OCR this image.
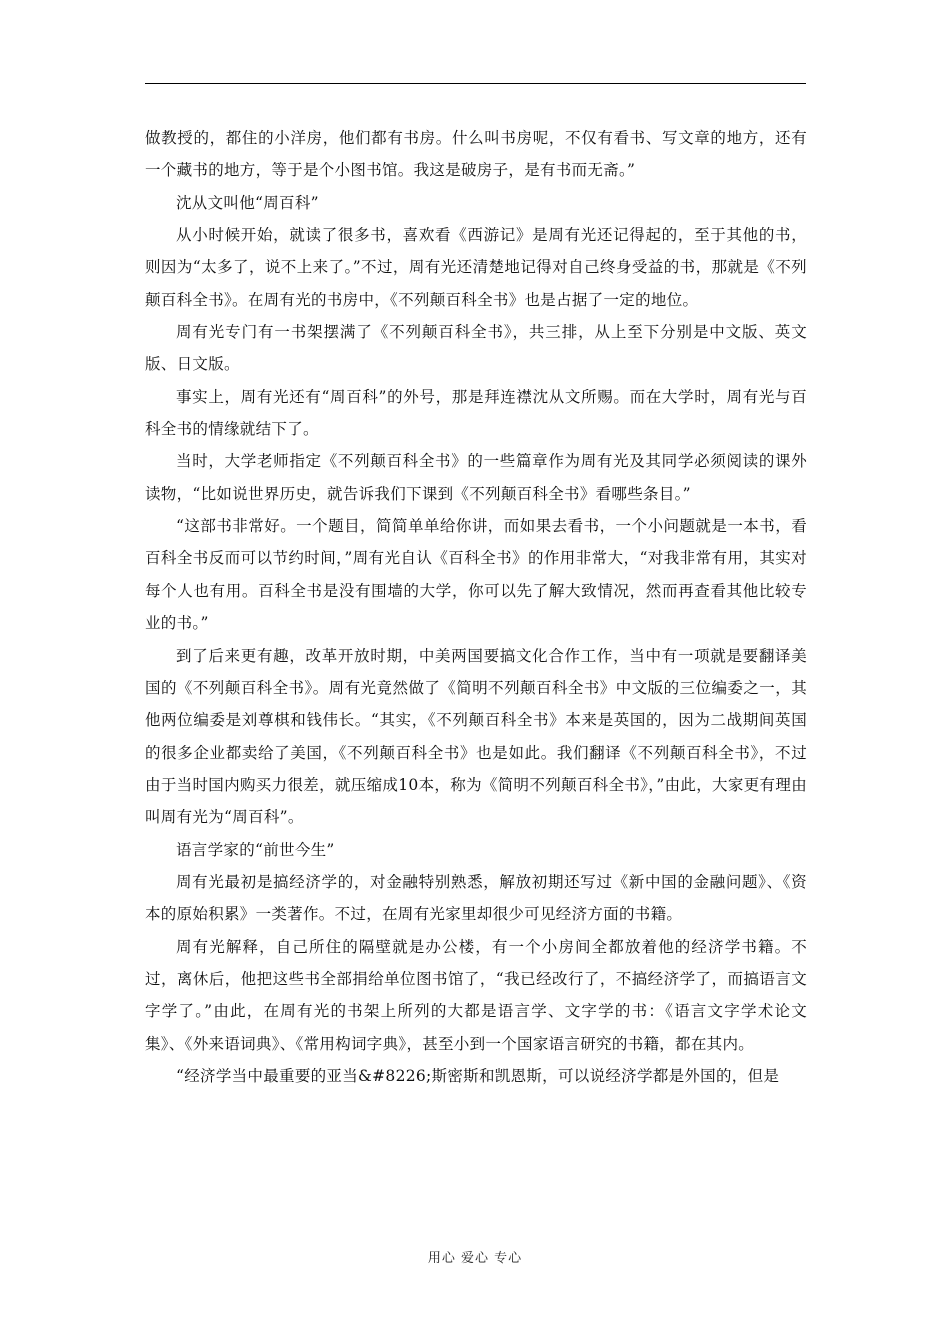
做教授的，都住的小洋房，他们都有书房。什么叫书房呢，不仅有看书、写文章的地方，还有一个藏书的地方，等于是个小图书馆。我这是破房子，是有书而无斋。”

沈从文叫他“周百科”

从小时候开始，就读了很多书，喜欢看《西游记》是周有光还记得起的，至于其他的书，则因为“太多了，说不上来了。”不过，周有光还清楚地记得对自己终身受益的书，那就是《不列颠百科全书》。在周有光的书房中，《不列颠百科全书》也是占据了一定的地位。

周有光专门有一书架摆满了《不列颠百科全书》，共三排，从上至下分别是中文版、英文版、日文版。

事实上，周有光还有“周百科”的外号，那是拜连襟沈从文所赐。而在大学时，周有光与百科全书的情缘就结下了。

当时，大学老师指定《不列颠百科全书》的一些篇章作为周有光及其同学必须阅读的课外读物，“比如说世界历史，就告诉我们下课到《不列颠百科全书》看哪些条目。”

“这部书非常好。一个题目，简简单单给你讲，而如果去看书，一个小问题就是一本书，看百科全书反而可以节约时间，”周有光自认《百科全书》的作用非常大，“对我非常有用，其实对每个人也有用。百科全书是没有围墙的大学，你可以先了解大致情况，然而再查看其他比较专业的书。”

到了后来更有趣，改革开放时期，中美两国要搞文化合作工作，当中有一项就是要翻译美国的《不列颠百科全书》。周有光竟然做了《简明不列颠百科全书》中文版的三位编委之一，其他两位编委是刘尊棋和钱伟长。“其实，《不列颠百科全书》本来是英国的，因为二战期间英国的很多企业都卖给了美国，《不列颠百科全书》也是如此。我们翻译《不列颠百科全书》，不过由于当时国内购买力很差，就压缩成10本，称为《简明不列颠百科全书》，”由此，大家更有理由叫周有光为“周百科”。

语言学家的“前世今生”

周有光最初是搞经济学的，对金融特别熟悉，解放初期还写过《新中国的金融问题》、《资本的原始积累》一类著作。不过，在周有光家里却很少可见经济方面的书籍。

周有光解释，自己所住的隔壁就是办公楼，有一个小房间全都放着他的经济学书籍。不过，离休后，他把这些书全部捐给单位图书馆了，“我已经改行了，不搞经济学了，而搞语言文字学了。”由此，在周有光的书架上所列的大都是语言学、文字学的书：《语言文字学术论文集》、《外来语词典》、《常用构词字典》，甚至小到一个国家语言研究的书籍，都在其内。

“经济学当中最重要的亚当&#8226;斯密斯和凯恩斯，可以说经济学都是外国的，但是

用心 爱心 专心
